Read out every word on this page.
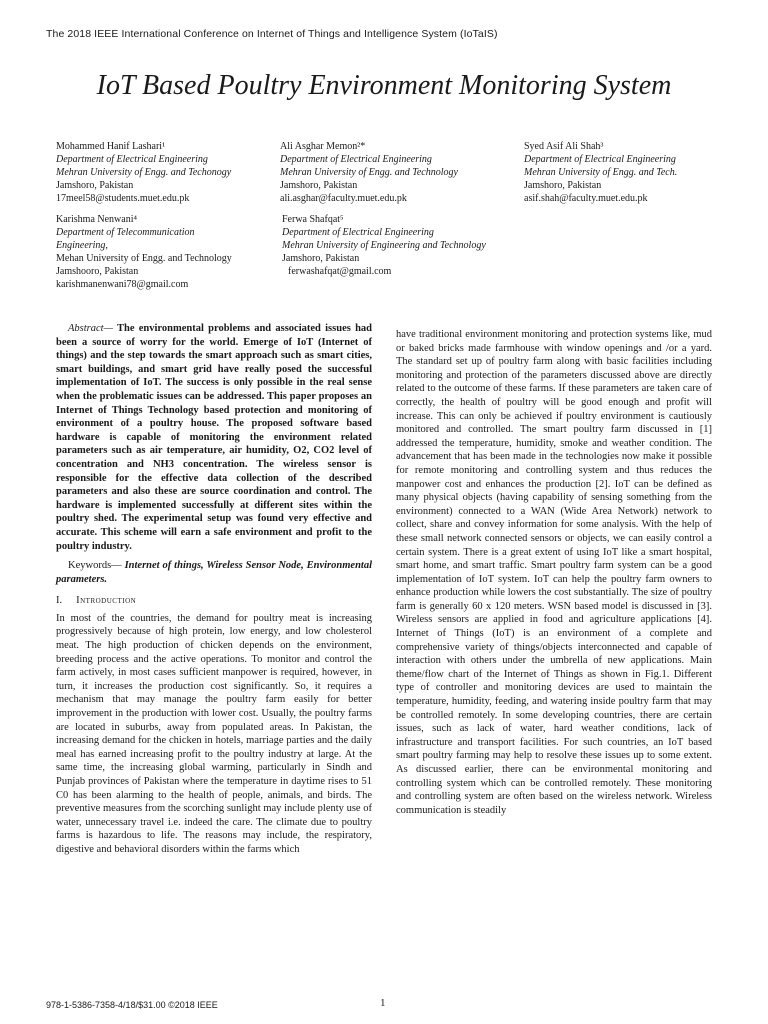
The 2018 IEEE International Conference on Internet of Things and Intelligence System (IoTaIS)
IoT Based Poultry Environment Monitoring System
Mohammed Hanif Lashari¹
Department of Electrical Engineering
Mehran University of Engg. and Techonogy
Jamshoro, Pakistan
17meel58@students.muet.edu.pk
Ali Asghar Memon²*
Department of Electrical Engineering
Mehran University of Engg. and Technology
Jamshoro, Pakistan
ali.asghar@faculty.muet.edu.pk
Syed Asif Ali Shah³
Department of Electrical Engineering
Mehran University of Engg. and Tech.
Jamshoro, Pakistan
asif.shah@faculty.muet.edu.pk
Karishma Nenwani⁴
Department of Telecommunication
Engineering,
Mehan University of Engg. and Technology
Jamshooro, Pakistan
karishmanenwani78@gmail.com
Ferwa Shafqat⁵
Department of Electrical Engineering
Mehran University of Engineering and Technology
Jamshoro, Pakistan
ferwashafqat@gmail.com

Abstract— The environmental problems and associated issues had been a source of worry for the world. Emerge of IoT (Internet of things) and the step towards the smart approach such as smart cities, smart buildings, and smart grid have really posed the successful implementation of IoT. The success is only possible in the real sense when the problematic issues can be addressed. This paper proposes an Internet of Things Technology based protection and monitoring of environment of a poultry house. The proposed software based hardware is capable of monitoring the environment related parameters such as air temperature, air humidity, O2, CO2 level of concentration and NH3 concentration. The wireless sensor is responsible for the effective data collection of the described parameters and also these are source coordination and control. The hardware is implemented successfully at different sites within the poultry shed. The experimental setup was found very effective and accurate. This scheme will earn a safe environment and profit to the poultry industry.

Keywords— Internet of things, Wireless Sensor Node, Environmental parameters.

I. Introduction

In most of the countries, the demand for poultry meat is increasing progressively because of high protein, low energy, and low cholesterol meat. The high production of chicken depends on the environment, breeding process and the active operations. To monitor and control the farm actively, in most cases sufficient manpower is required, however, in turn, it increases the production cost significantly. So, it requires a mechanism that may manage the poultry farm easily for better improvement in the production with lower cost. Usually, the poultry farms are located in suburbs, away from populated areas. In Pakistan, the increasing demand for the chicken in hotels, marriage parties and the daily meal has earned increasing profit to the poultry industry at large. At the same time, the increasing global warming, particularly in Sindh and Punjab provinces of Pakistan where the temperature in daytime rises to 51 C0 has been alarming to the health of people, animals, and birds. The preventive measures from the scorching sunlight may include plenty use of water, unnecessary travel i.e. indeed the care. The climate due to poultry farms is hazardous to life. The reasons may include, the respiratory, digestive and behavioral disorders within the farms which

have traditional environment monitoring and protection systems like, mud or baked bricks made farmhouse with window openings and /or a yard. The standard set up of poultry farm along with basic facilities including monitoring and protection of the parameters discussed above are directly related to the outcome of these farms. If these parameters are taken care of correctly, the health of poultry will be good enough and profit will increase. This can only be achieved if poultry environment is cautiously monitored and controlled. The smart poultry farm discussed in [1] addressed the temperature, humidity, smoke and weather condition. The advancement that has been made in the technologies now make it possible for remote monitoring and controlling system and thus reduces the manpower cost and enhances the production [2]. IoT can be defined as many physical objects (having capability of sensing something from the environment) connected to a WAN (Wide Area Network) network to collect, share and convey information for some analysis. With the help of these small network connected sensors or objects, we can easily control a certain system. There is a great extent of using IoT like a smart hospital, smart home, and smart traffic. Smart poultry farm system can be a good implementation of IoT system. IoT can help the poultry farm owners to enhance production while lowers the cost substantially. The size of poultry farm is generally 60 x 120 meters. WSN based model is discussed in [3]. Wireless sensors are applied in food and agriculture applications [4]. Internet of Things (IoT) is an environment of a complete and comprehensive variety of things/objects interconnected and capable of interaction with others under the umbrella of new applications. Main theme/flow chart of the Internet of Things as shown in Fig.1. Different type of controller and monitoring devices are used to maintain the temperature, humidity, feeding, and watering inside poultry farm that may be controlled remotely. In some developing countries, there are certain issues, such as lack of water, hard weather conditions, lack of infrastructure and transport facilities. For such countries, an IoT based smart poultry farming may help to resolve these issues up to some extent. As discussed earlier, there can be environmental monitoring and controlling system which can be controlled remotely. These monitoring and controlling system are often based on the wireless network. Wireless communication is steadily

978-1-5386-7358-4/18/$31.00 ©2018 IEEE	1
